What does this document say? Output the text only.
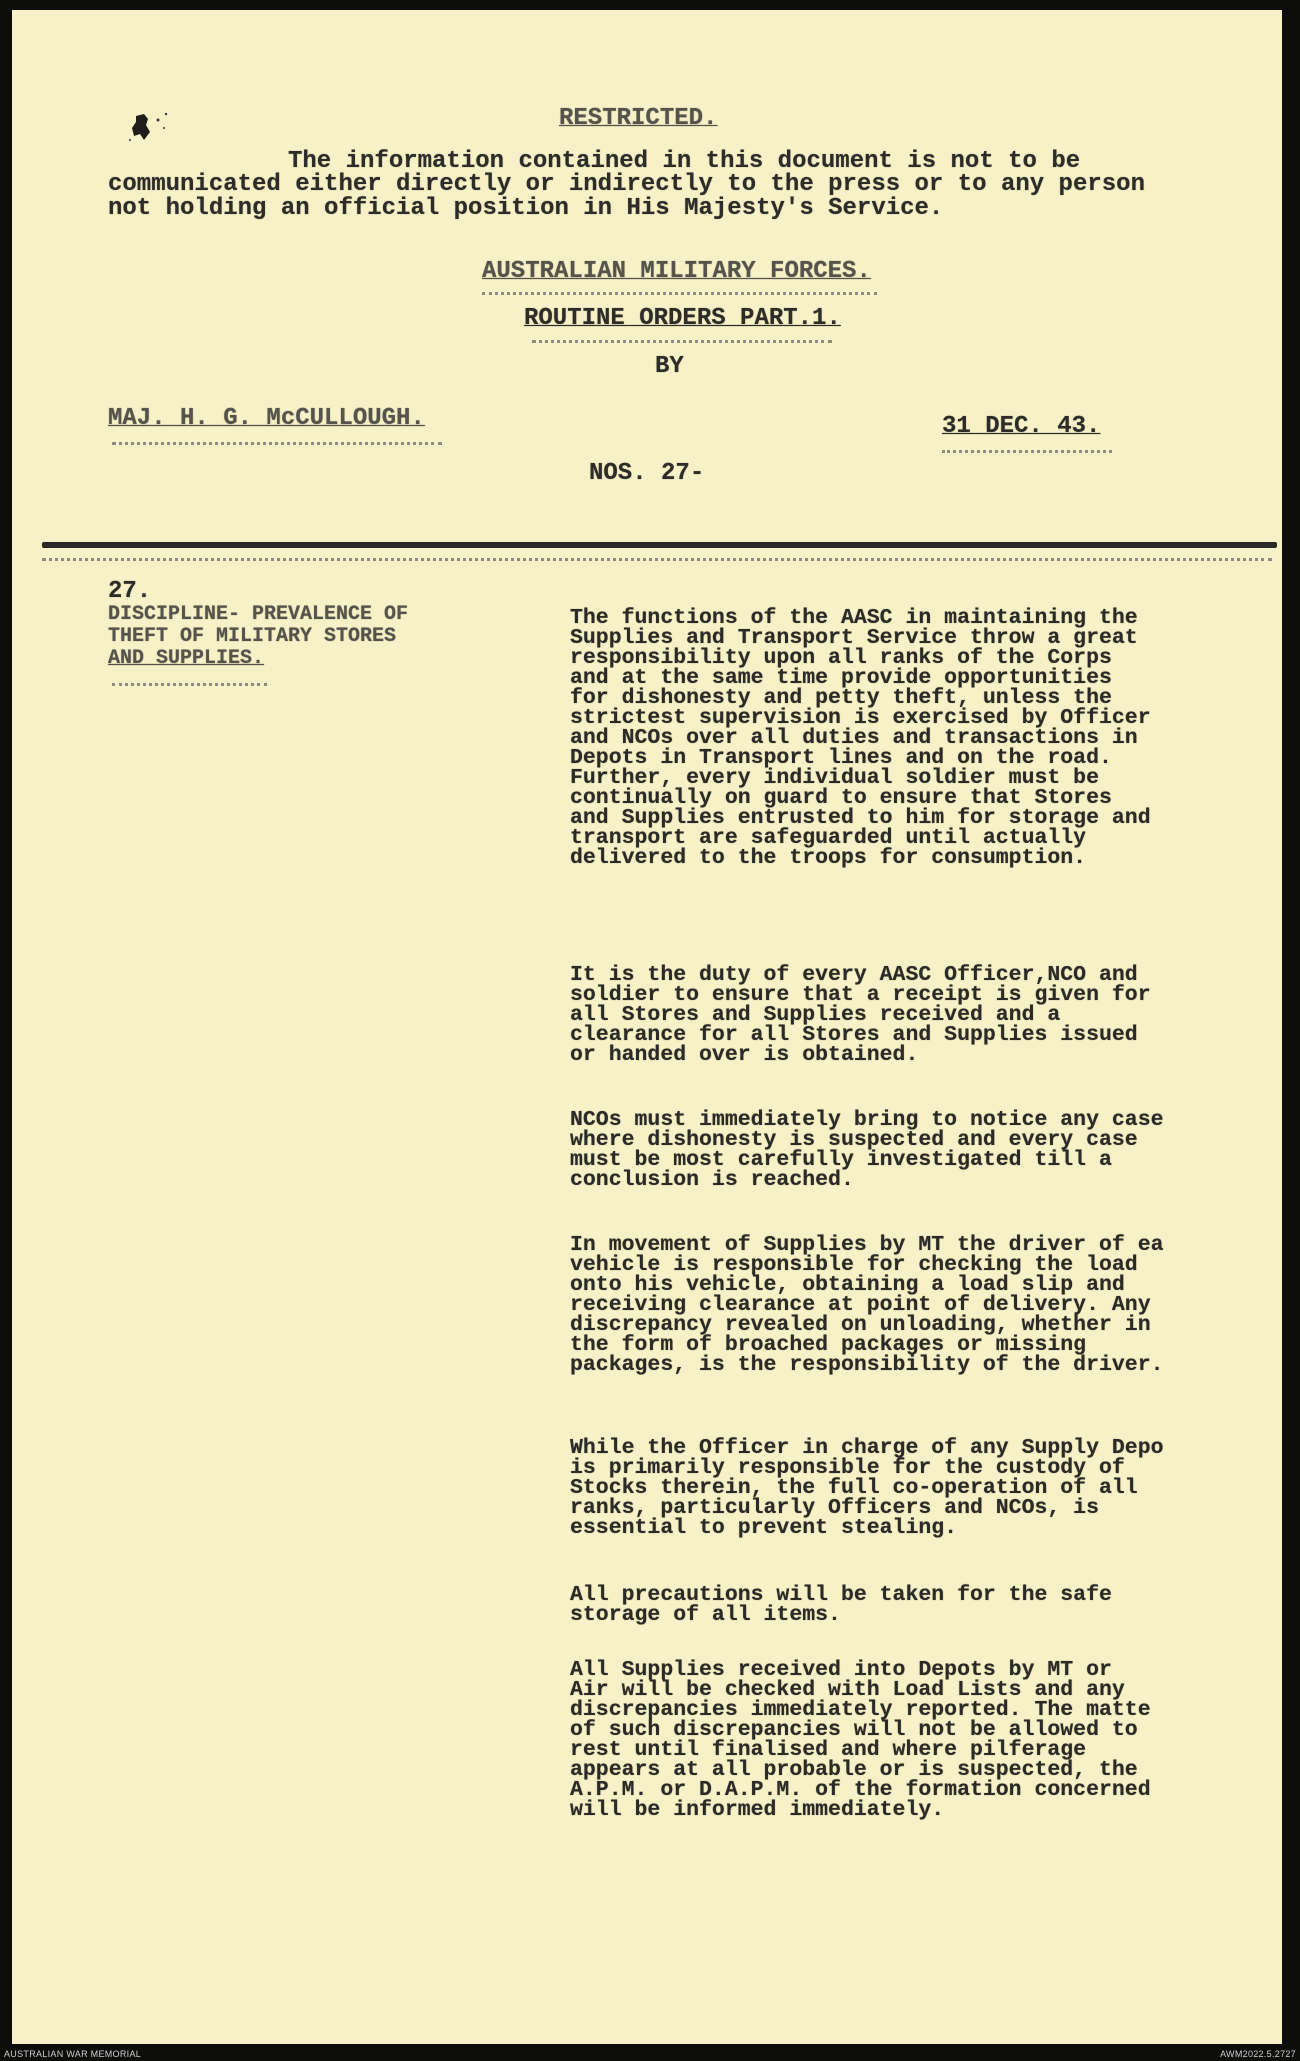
RESTRICTED.

The information contained in this document is not to be

communicated either directly or indirectly to the press or to any person

not holding an official position in His Majesty's Service.

AUSTRALIAN MILITARY FORCES.

ROUTINE ORDERS PART.1.

BY

MAJ. H. G. McCULLOUGH.	31 DEC. 43.

NOS. 27-

27.

DISCIPLINE- PREVALENCE OF

THEFT OF MILITARY STORES

AND SUPPLIES.

The functions of the AASC in maintaining the
Supplies and Transport Service throw a great
responsibility upon all ranks of the Corps
and at the same time provide opportunities
for dishonesty and petty theft, unless the
strictest supervision is exercised by Officer
and NCOs over all duties and transactions in
Depots in Transport lines and on the road.
Further, every individual soldier must be
continually on guard to ensure that Stores
and Supplies entrusted to him for storage and
transport are safeguarded until actually
delivered to the troops for consumption.

It is the duty of every AASC Officer,NCO and
soldier to ensure that a receipt is given for
all Stores and Supplies received and a
clearance for all Stores and Supplies issued
or handed over is obtained.

NCOs must immediately bring to notice any case
where dishonesty is suspected and every case
must be most carefully investigated till a
conclusion is reached.

In movement of Supplies by MT the driver of ea
vehicle is responsible for checking the load
onto his vehicle, obtaining a load slip and
receiving clearance at point of delivery. Any
discrepancy revealed on unloading, whether in
the form of broached packages or missing
packages, is the responsibility of the driver.

While the Officer in charge of any Supply Depo
is primarily responsible for the custody of
Stocks therein, the full co-operation of all
ranks, particularly Officers and NCOs, is
essential to prevent stealing.

All precautions will be taken for the safe
storage of all items.

All Supplies received into Depots by MT or
Air will be checked with Load Lists and any
discrepancies immediately reported. The matte
of such discrepancies will not be allowed to
rest until finalised and where pilferage
appears at all probable or is suspected, the
A.P.M. or D.A.P.M. of the formation concerned
will be informed immediately.

AUSTRALIAN WAR MEMORIAL	AWM2022.5.2727
